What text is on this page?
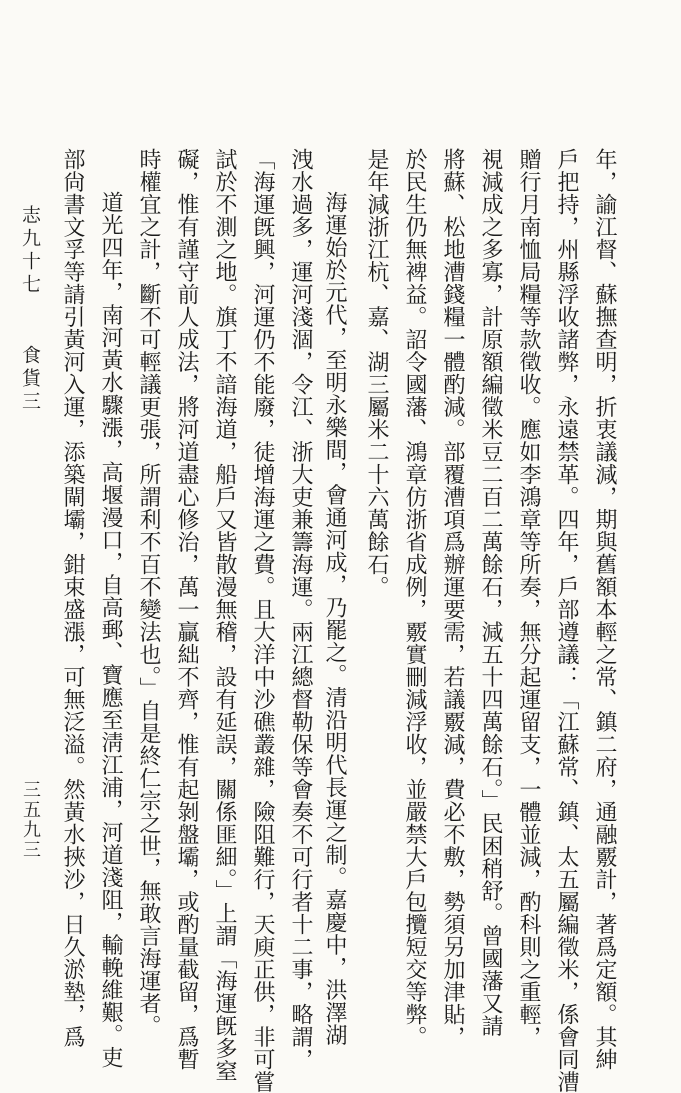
年，諭江督、蘇撫查明，折衷議減，期與舊額本輕之常、鎮二府，通融覈計，著爲定額。其紳
戶把持，州縣浮收諸弊，永遠禁革。四年，戶部遵議：「江蘇常、鎮、太五屬編徵米，係會同漕
贈行月南恤局糧等款徵收。應如李鴻章等所奏，無分起運留支，一體並減，酌科則之重輕，
視減成之多寡，計原額編徵米豆二百二萬餘石，減五十四萬餘石。」民困稍舒。曾國藩又請
將蘇、松地漕錢糧一體酌減。部覆漕項爲辦運要需，若議覈減，費必不敷，勢須另加津貼，
於民生仍無裨益。詔令國藩、鴻章仿浙省成例，覈實刪減浮收，並嚴禁大戶包攬短交等弊。
是年減浙江杭、嘉、湖三屬米二十六萬餘石。
海運始於元代，至明永樂間，會通河成，乃罷之。清沿明代長運之制。嘉慶中，洪澤湖
洩水過多，運河淺涸，令江、浙大吏兼籌海運。兩江總督勒保等會奏不可行者十二事，略謂，
「海運旣興，河運仍不能廢，徒增海運之費。且大洋中沙礁叢雜，險阻難行，天庾正供，非可嘗
試於不測之地。旗丁不諳海道，船戶又皆散漫無稽，設有延誤，關係匪細。」上謂「海運旣多窒
礙，惟有謹守前人成法，將河道盡心修治，萬一贏絀不齊，惟有起剝盤壩，或酌量截留，爲暫
時權宜之計，斷不可輕議更張，所謂利不百不變法也。」自是終仁宗之世，無敢言海運者。
道光四年，南河黃水驟漲，高堰漫口，自高郵、寶應至淸江浦，河道淺阻，輸輓維艱。吏
部尙書文孚等請引黃河入運，添築閘壩，鉗束盛漲，可無泛溢。然黃水挾沙，日久淤墊，爲
志九十七食貨三
三五九三
